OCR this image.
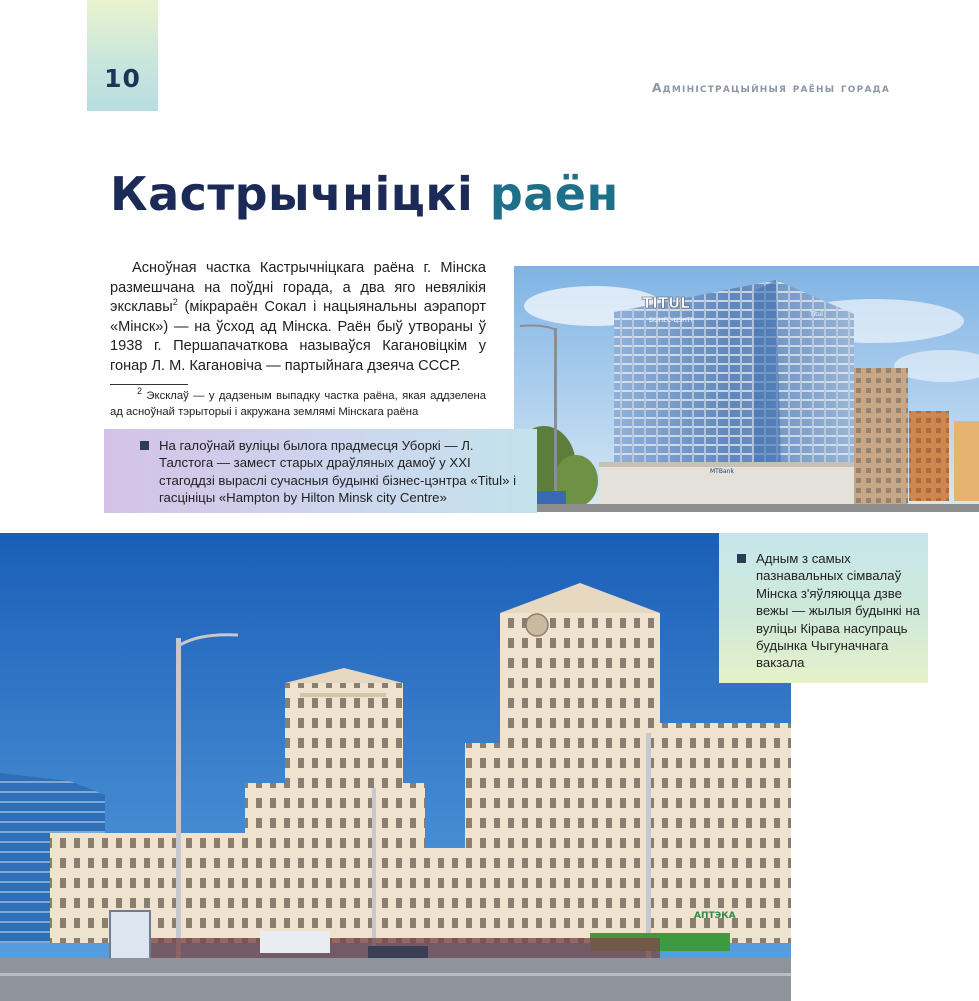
10	Адміністрацыйныя раёны горада
Кастрычніцкі раён

Асноўная частка Кастрычніцкага раёна г. Мінска размешчана на поўдні горада, а два яго невялікія эксклавы$^2$ (мікрараён Сокал і нацыянальны аэрапорт «Мінск») — на ўсход ад Мінска. Раён быў утвораны ў 1938 г. Першапачаткова называўся Кагановіцкім у гонар Л. М. Кагановіча — партыйнага дзеяча СССР.

$^2$ Эксклаў — у дадзеным выпадку частка раёна, якая аддзелена ад асноўнай тэрыторыі і акружана землямі Мінскага раёна

TITUL
БІЗНЕС-ЦЭНТР
Titul
MTBank
На галоўнай вуліцы былога прадмесця Уборкі — Л. Талстога — замест старых драўляных дамоў у XXI стагоддзі выраслі сучасныя будынкі бізнес-цэнтра «Titul» і гасцініцы «Hampton by Hilton Minsk city Centre»
АПТЭКА
Адным з самых пазнавальных сімвалаў Мінска з'яўляюцца дзве вежы — жылыя будынкі на вуліцы Кірава насупраць будынка Чыгуначнага вакзала
